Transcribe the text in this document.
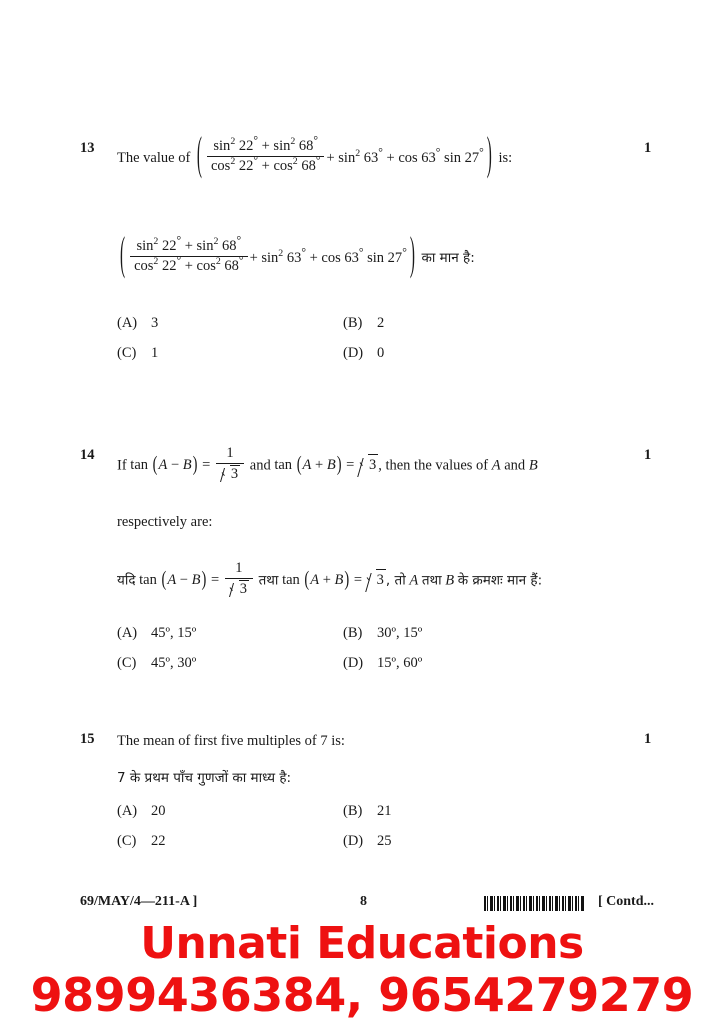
13	1
The value of ( $\frac{\sin^2 22^\circ + \sin^2 68^\circ}{\cos^2 22^\circ + \cos^2 68^\circ} + \sin^2 63^\circ + \cos 63^\circ$ sin 27° ) is:
( $\frac{\sin^2 22^\circ + \sin^2 68^\circ}{\cos^2 22^\circ + \cos^2 68^\circ} + \sin^2 63^\circ + \cos 63^\circ$ sin 27° ) का मान है:
(A) 3	(B) 2
(C) 1	(D) 0
14	1
If $\tan (A - B) = \frac{1}{3}$ and tan (A + B) = 3 , then the values of A and B
respectively are:
यदि $\tan (A - B) = \frac{1}{3}$ तथा tan (A + B) = 3 , तो A तथा B के क्रमशः मान हैं:
(A) 45º, 15º	(B) 30º, 15º
(C) 45º, 30º	(D) 15º, 60º
15	1
The mean of first five multiples of 7 is:
7 के प्रथम पाँच गुणजों का माध्य है:
(A) 20	(B) 21
(C) 22	(D) 25
69/MAY/4—211-A ]	8	[ Contd...
Unnati Educations
9899436384, 9654279279
